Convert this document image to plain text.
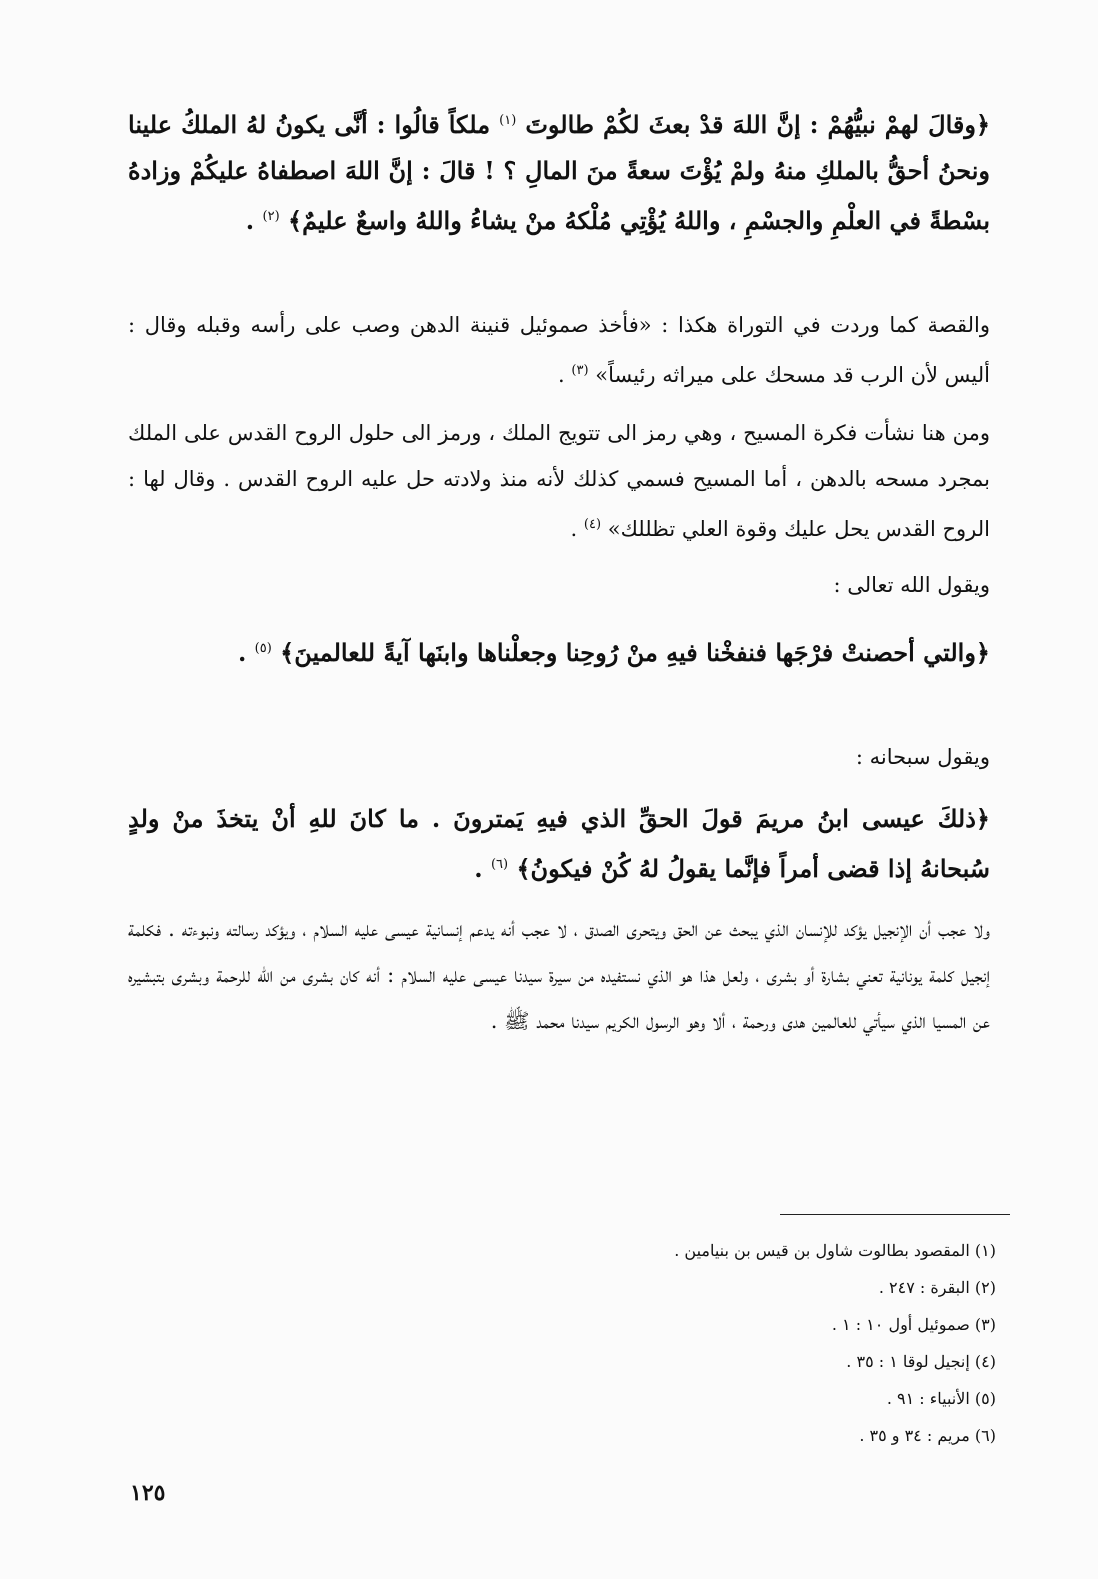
﴿وقالَ لهمْ نبيُّهُمْ : إنَّ اللهَ قدْ بعثَ لكُمْ طالوتَ $^{(١)}$ ملكاً قالُوا : أنَّى يكونُ لهُ الملكُ علينا ونحنُ أحقُّ بالملكِ منهُ ولمْ يُؤْتَ سعةً منَ المالِ ؟ ! قالَ : إنَّ اللهَ اصطفاهُ عليكُمْ وزادهُ بسْطةً في العلْمِ والجسْمِ ، واللهُ يُؤْتِي مُلْكهُ منْ يشاءُ واللهُ واسعٌ عليمٌ﴾ $^{(٢)}$ .
والقصة كما وردت في التوراة هكذا : «فأخذ صموئيل قنينة الدهن وصب على رأسه وقبله وقال : أليس لأن الرب قد مسحك على ميراثه رئيساً» $^{(٣)}$ .
ومن هنا نشأت فكرة المسيح ، وهي رمز الى تتويج الملك ، ورمز الى حلول الروح القدس على الملك بمجرد مسحه بالدهن ، أما المسيح فسمي كذلك لأنه منذ ولادته حل عليه الروح القدس . وقال لها : الروح القدس يحل عليك وقوة العلي تظللك» $^{(٤)}$ .
ويقول الله تعالى :
﴿والتي أحصنتْ فرْجَها فنفخْنا فيهِ منْ رُوحِنا وجعلْناها وابنَها آيةً للعالمينَ﴾ $^{(٥)}$ .
ويقول سبحانه :
﴿ذلكَ عيسى ابنُ مريمَ قولَ الحقِّ الذي فيهِ يَمترونَ . ما كانَ للهِ أنْ يتخذَ منْ ولدٍ سُبحانهُ إذا قضى أمراً فإنَّما يقولُ لهُ كُنْ فيكونُ﴾ $^{(٦)}$ .
ولا عجب أن الإنجيل يؤكد للإنسان الذي يبحث عن الحق ويتحرى الصدق ، لا عجب أنه يدعم إنسانية عيسى عليه السلام ، ويؤكد رسالته ونبوءته . فكلمة إنجيل كلمة يونانية تعني بشارة أو بشرى ، ولعل هذا هو الذي نستفيده من سيرة سيدنا عيسى عليه السلام : أنه كان بشرى من الله للرحمة وبشرى بتبشيره عن المسيا الذي سيأتي للعالمين هدى ورحمة ، ألا وهو الرسول الكريم سيدنا محمد ﷺ .
(١) المقصود بطالوت شاول بن قيس بن بنيامين .
(٢) البقرة : ٢٤٧ .
(٣) صموئيل أول ١٠ : ١ .
(٤) إنجيل لوقا ١ : ٣٥ .
(٥) الأنبياء : ٩١ .
(٦) مريم : ٣٤ و ٣٥ .
١٢٥
